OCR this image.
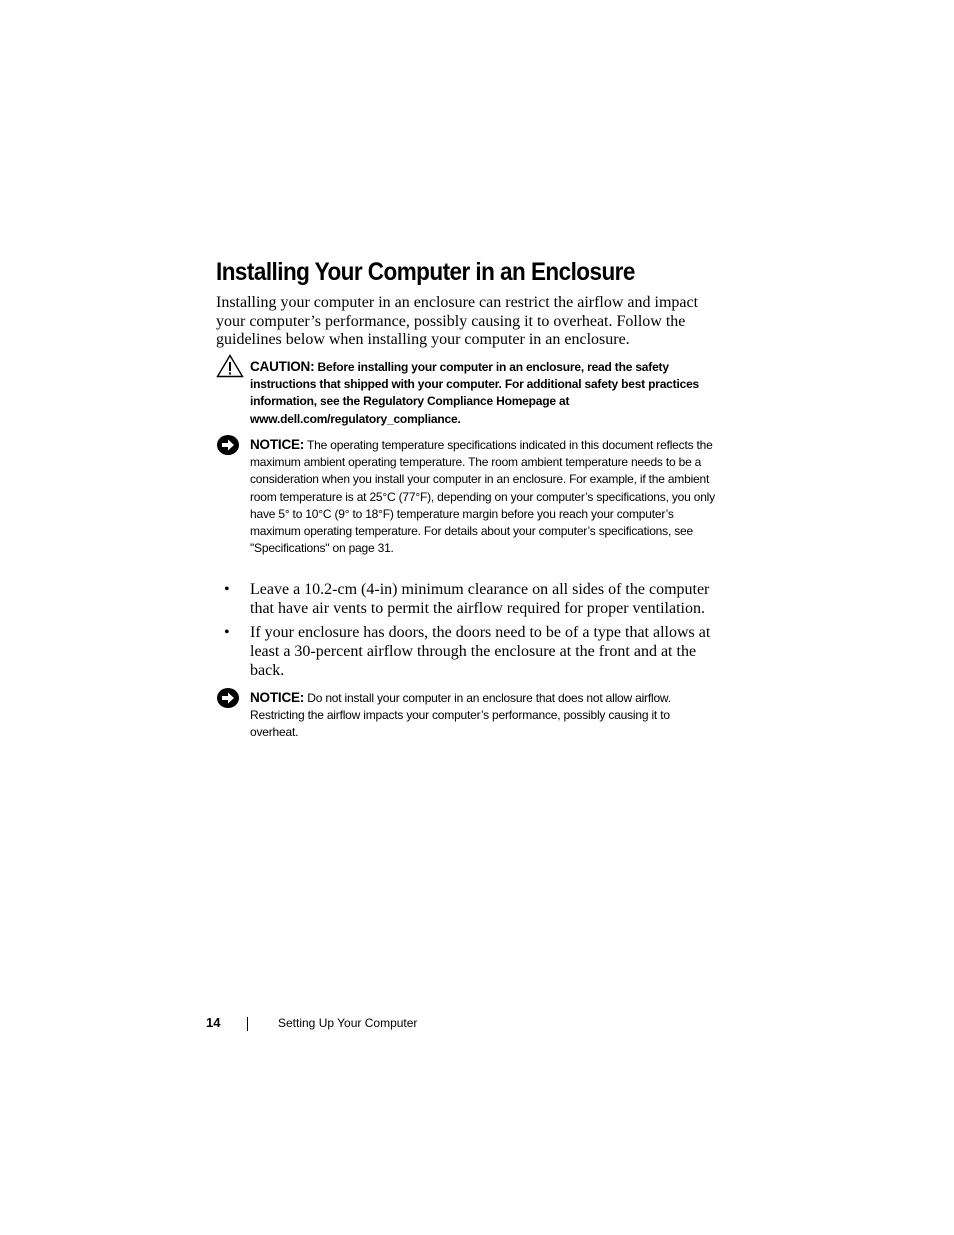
Installing Your Computer in an Enclosure

Installing your computer in an enclosure can restrict the airflow and impact your computer’s performance, possibly causing it to overheat. Follow the guidelines below when installing your computer in an enclosure.

CAUTION: Before installing your computer in an enclosure, read the safety instructions that shipped with your computer. For additional safety best practices information, see the Regulatory Compliance Homepage at www.dell.com/regulatory_compliance.
NOTICE: The operating temperature specifications indicated in this document reflects the maximum ambient operating temperature. The room ambient temperature needs to be a consideration when you install your computer in an enclosure. For example, if the ambient room temperature is at 25°C (77°F), depending on your computer’s specifications, you only have 5° to 10°C (9° to 18°F) temperature margin before you reach your computer’s maximum operating temperature. For details about your computer’s specifications, see "Specifications" on page 31.
• Leave a 10.2-cm (4-in) minimum clearance on all sides of the computer that have air vents to permit the airflow required for proper ventilation.
• If your enclosure has doors, the doors need to be of a type that allows at least a 30-percent airflow through the enclosure at the front and at the back.
NOTICE: Do not install your computer in an enclosure that does not allow airflow. Restricting the airflow impacts your computer’s performance, possibly causing it to overheat.
14	Setting Up Your Computer
